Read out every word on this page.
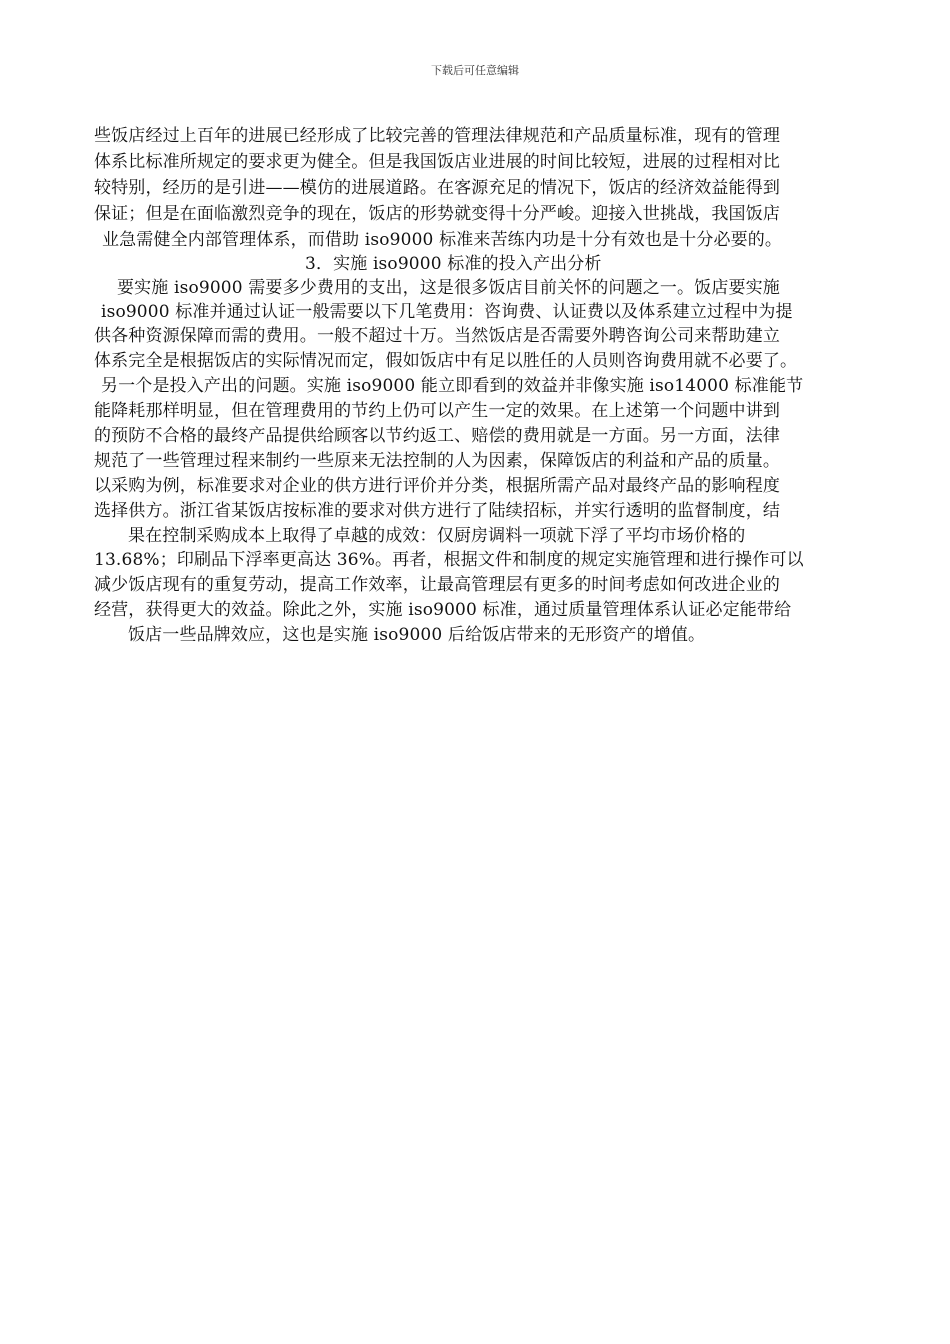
下载后可任意编辑
些饭店经过上百年的进展已经形成了比较完善的管理法律规范和产品质量标准，现有的管理
体系比标准所规定的要求更为健全。但是我国饭店业进展的时间比较短，进展的过程相对比
较特别，经历的是引进——模仿的进展道路。在客源充足的情况下，饭店的经济效益能得到
保证；但是在面临激烈竞争的现在，饭店的形势就变得十分严峻。迎接入世挑战，我国饭店
业急需健全内部管理体系，而借助 iso9000 标准来苦练内功是十分有效也是十分必要的。
3．实施 iso9000 标准的投入产出分析
要实施 iso9000 需要多少费用的支出，这是很多饭店目前关怀的问题之一。饭店要实施
iso9000 标准并通过认证一般需要以下几笔费用：咨询费、认证费以及体系建立过程中为提
供各种资源保障而需的费用。一般不超过十万。当然饭店是否需要外聘咨询公司来帮助建立
体系完全是根据饭店的实际情况而定，假如饭店中有足以胜任的人员则咨询费用就不必要了。
另一个是投入产出的问题。实施 iso9000 能立即看到的效益并非像实施 iso14000 标准能节
能降耗那样明显，但在管理费用的节约上仍可以产生一定的效果。在上述第一个问题中讲到
的预防不合格的最终产品提供给顾客以节约返工、赔偿的费用就是一方面。另一方面，法律
规范了一些管理过程来制约一些原来无法控制的人为因素，保障饭店的利益和产品的质量。
以采购为例，标准要求对企业的供方进行评价并分类，根据所需产品对最终产品的影响程度
选择供方。浙江省某饭店按标准的要求对供方进行了陆续招标，并实行透明的监督制度，结
果在控制采购成本上取得了卓越的成效：仅厨房调料一项就下浮了平均市场价格的
13.68%；印刷品下浮率更高达 36%。再者，根据文件和制度的规定实施管理和进行操作可以
减少饭店现有的重复劳动，提高工作效率，让最高管理层有更多的时间考虑如何改进企业的
经营，获得更大的效益。除此之外，实施 iso9000 标准，通过质量管理体系认证必定能带给
饭店一些品牌效应，这也是实施 iso9000 后给饭店带来的无形资产的增值。
